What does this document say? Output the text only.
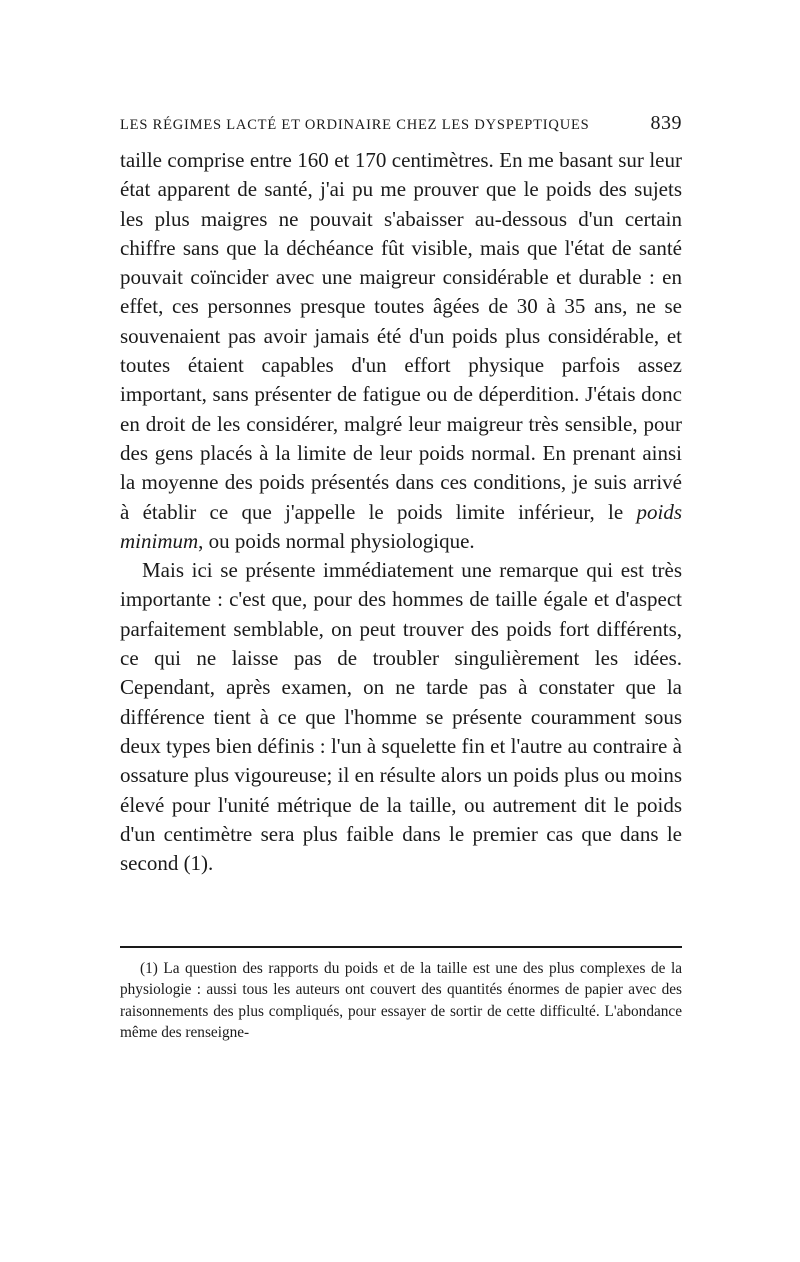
LES RÉGIMES LACTÉ ET ORDINAIRE CHEZ LES DYSPEPTIQUES	839

taille comprise entre 160 et 170 centimètres. En me basant sur leur état apparent de santé, j'ai pu me prouver que le poids des sujets les plus maigres ne pouvait s'abaisser au-dessous d'un certain chiffre sans que la déchéance fût visible, mais que l'état de santé pouvait coïncider avec une maigreur considérable et durable : en effet, ces personnes presque toutes âgées de 30 à 35 ans, ne se souvenaient pas avoir jamais été d'un poids plus considérable, et toutes étaient capables d'un effort physique parfois assez important, sans présenter de fatigue ou de déperdition. J'étais donc en droit de les considérer, malgré leur maigreur très sensible, pour des gens placés à la limite de leur poids normal. En prenant ainsi la moyenne des poids présentés dans ces conditions, je suis arrivé à établir ce que j'appelle le poids limite inférieur, le poids minimum, ou poids normal physiologique.

Mais ici se présente immédiatement une remarque qui est très importante : c'est que, pour des hommes de taille égale et d'aspect parfaitement semblable, on peut trouver des poids fort différents, ce qui ne laisse pas de troubler singulièrement les idées. Cependant, après examen, on ne tarde pas à constater que la différence tient à ce que l'homme se présente couramment sous deux types bien définis : l'un à squelette fin et l'autre au contraire à ossature plus vigoureuse; il en résulte alors un poids plus ou moins élevé pour l'unité métrique de la taille, ou autrement dit le poids d'un centimètre sera plus faible dans le premier cas que dans le second (1).

(1) La question des rapports du poids et de la taille est une des plus complexes de la physiologie : aussi tous les auteurs ont couvert des quantités énormes de papier avec des raisonnements des plus compliqués, pour essayer de sortir de cette difficulté. L'abondance même des renseigne-
